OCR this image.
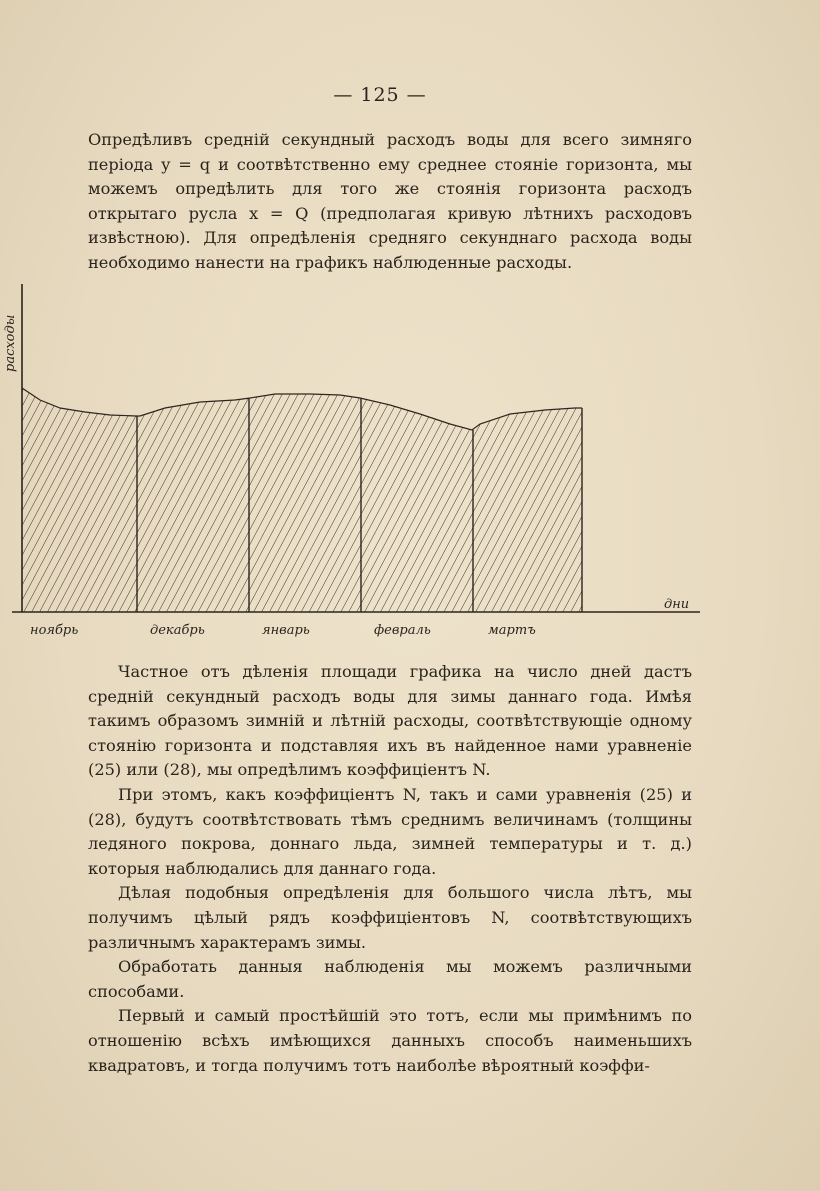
— 125 —

Опредѣливъ среднiй секундный расходъ воды для всего зимняго перiода y = q и соотвѣтственно ему среднее стоянiе горизонта, мы можемъ опредѣлить для того же стоянiя горизонта расходъ открытаго русла x = Q (предполагая кривую лѣтнихъ расходовъ извѣстною). Для опредѣленiя средняго секунднаго расхода воды необходимо нанести на графикъ наблюденные расходы.

расходы
ноябрь	декабрь	январь	февраль	мартъ
дни

Частное отъ дѣленiя площади графика на число дней дастъ среднiй секундный расходъ воды для зимы даннаго года. Имѣя такимъ образомъ зимнiй и лѣтнiй расходы, соотвѣтствующiе одному стоянiю горизонта и подставляя ихъ въ найденное нами уравненiе (25) или (28), мы опредѣлимъ коэффицiентъ N.

При этомъ, какъ коэффицiентъ N, такъ и сами уравненiя (25) и (28), будутъ соотвѣтствовать тѣмъ среднимъ величинамъ (толщины ледяного покрова, доннаго льда, зимней температуры и т. д.) которыя наблюдались для даннаго года.

Дѣлая подобныя опредѣленiя для большого числа лѣтъ, мы получимъ цѣлый рядъ коэффицiентовъ N, соотвѣтствующихъ различнымъ характерамъ зимы.

Обработать данныя наблюденiя мы можемъ различными способами.

Первый и самый простѣйшiй это тотъ, если мы примѣнимъ по отношенiю всѣхъ имѣющихся данныхъ способъ наименьшихъ квадратовъ, и тогда получимъ тотъ наиболѣе вѣроятный коэффи-
